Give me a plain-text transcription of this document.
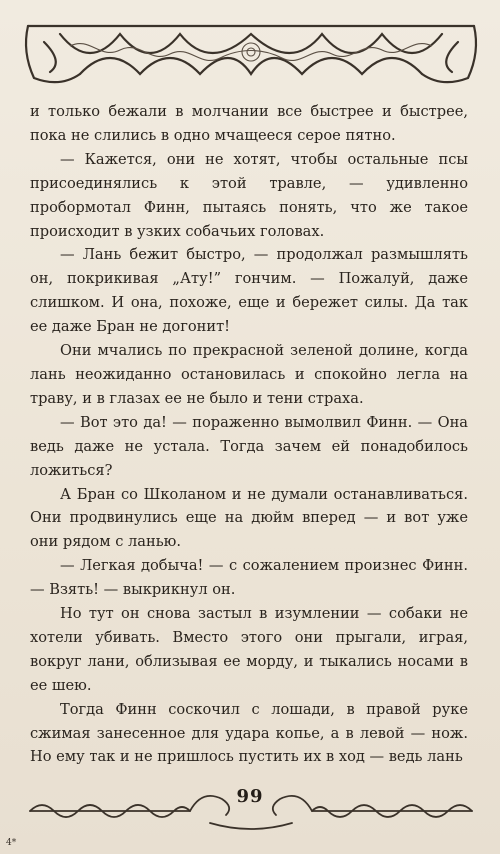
и только бежали в молчании все быстрее и быстрее, пока не слились в одно мчащееся серое пятно.

— Кажется, они не хотят, чтобы остальные псы присоединялись к этой травле, — удивленно пробормотал Финн, пытаясь понять, что же такое происходит в узких собачьих головах.

— Лань бежит быстро, — продолжал размышлять он, покрикивая „Ату!” гончим. — Пожалуй, даже слишком. И она, похоже, еще и бережет силы. Да так ее даже Бран не догонит!

Они мчались по прекрасной зеленой долине, когда лань неожиданно остановилась и спокойно легла на траву, и в глазах ее не было и тени страха.

— Вот это да! — пораженно вымолвил Финн. — Она ведь даже не устала. Тогда зачем ей понадобилось ложиться?

А Бран со Школаном и не думали останавливаться. Они продвинулись еще на дюйм вперед — и вот уже они рядом с ланью.

— Легкая добыча! — с сожалением произнес Финн. — Взять! — выкрикнул он.

Но тут он снова застыл в изумлении — собаки не хотели убивать. Вместо этого они прыгали, играя, вокруг лани, облизывая ее морду, и тыкались носами в ее шею.

Тогда Финн соскочил с лошади, в правой руке сжимая занесенное для удара копье, а в левой — нож. Но ему так и не пришлось пустить их в ход — ведь лань

99
4*
